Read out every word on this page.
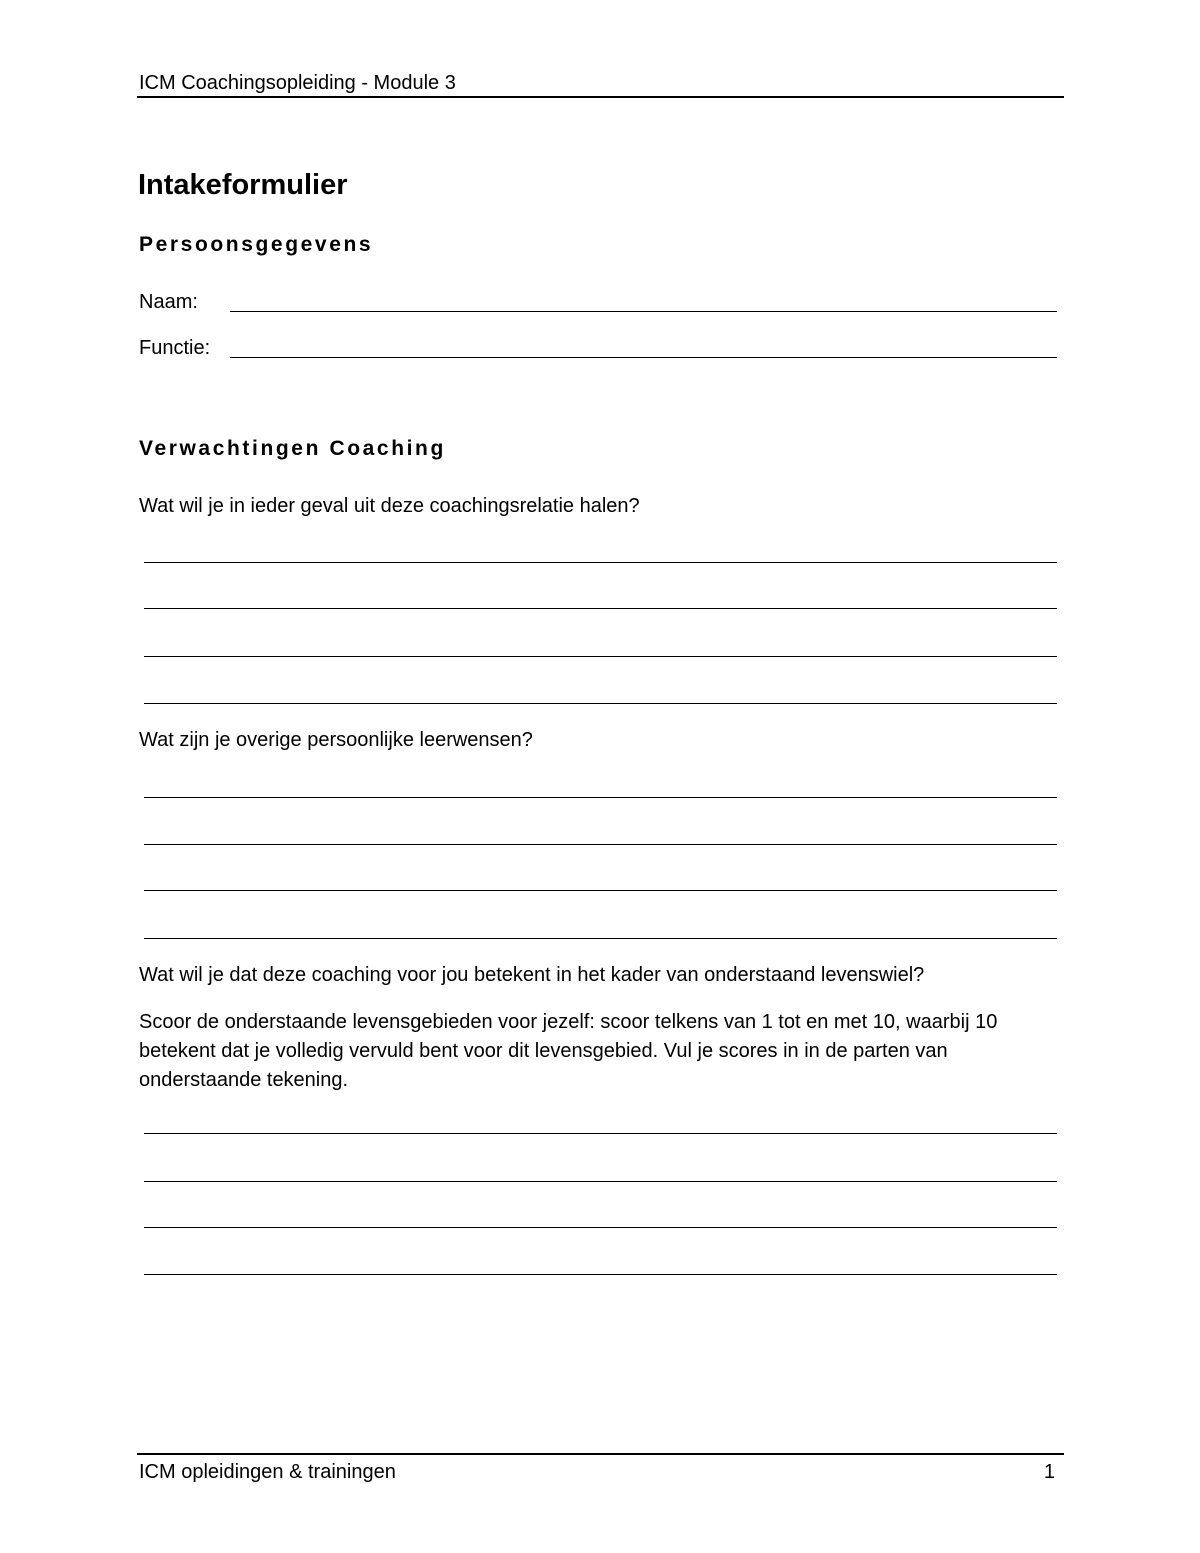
ICM Coachingsopleiding - Module 3
Intakeformulier
Persoonsgegevens
Naam:
Functie:
Verwachtingen Coaching
Wat wil je in ieder geval uit deze coachingsrelatie halen?
Wat zijn je overige persoonlijke leerwensen?
Wat wil je dat deze coaching voor jou betekent in het kader van onderstaand levenswiel?
Scoor de onderstaande levensgebieden voor jezelf: scoor telkens van 1 tot en met 10, waarbij 10 betekent dat je volledig vervuld bent voor dit levensgebied. Vul je scores in in de parten van onderstaande tekening.
ICM opleidingen & trainingen	1
